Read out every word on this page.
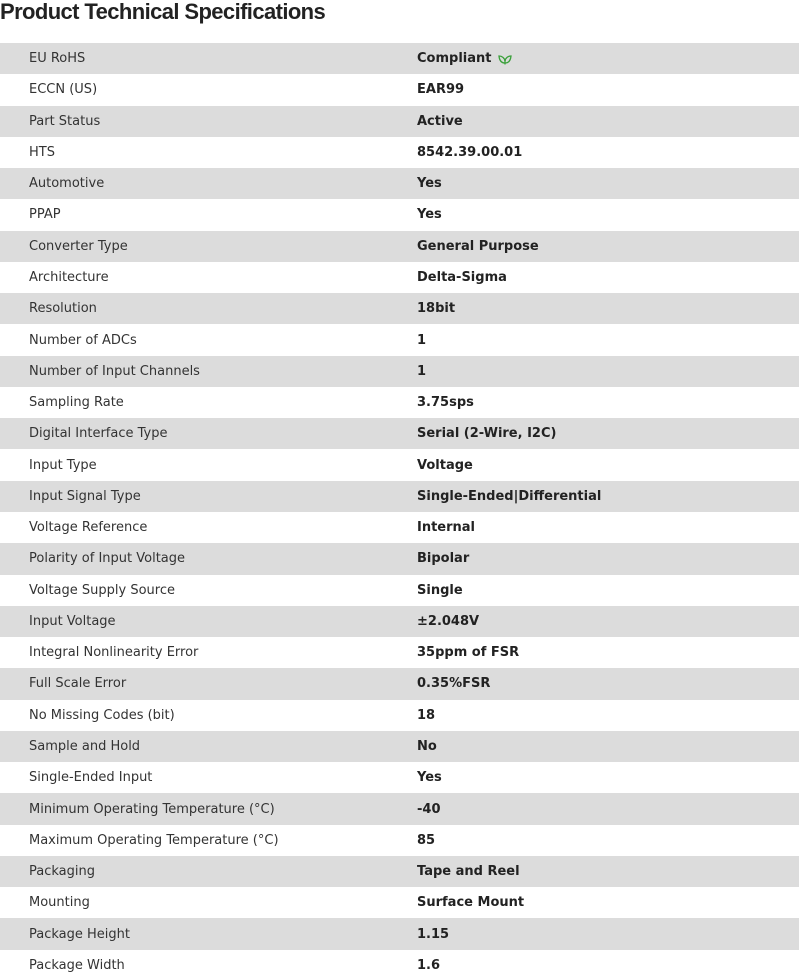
Product Technical Specifications
EU RoHS	Compliant
ECCN (US)	EAR99
Part Status	Active
HTS	8542.39.00.01
Automotive	Yes
PPAP	Yes
Converter Type	General Purpose
Architecture	Delta-Sigma
Resolution	18bit
Number of ADCs	1
Number of Input Channels	1
Sampling Rate	3.75sps
Digital Interface Type	Serial (2-Wire, I2C)
Input Type	Voltage
Input Signal Type	Single-Ended|Differential
Voltage Reference	Internal
Polarity of Input Voltage	Bipolar
Voltage Supply Source	Single
Input Voltage	±2.048V
Integral Nonlinearity Error	35ppm of FSR
Full Scale Error	0.35%FSR
No Missing Codes (bit)	18
Sample and Hold	No
Single-Ended Input	Yes
Minimum Operating Temperature (°C)	-40
Maximum Operating Temperature (°C)	85
Packaging	Tape and Reel
Mounting	Surface Mount
Package Height	1.15
Package Width	1.6
